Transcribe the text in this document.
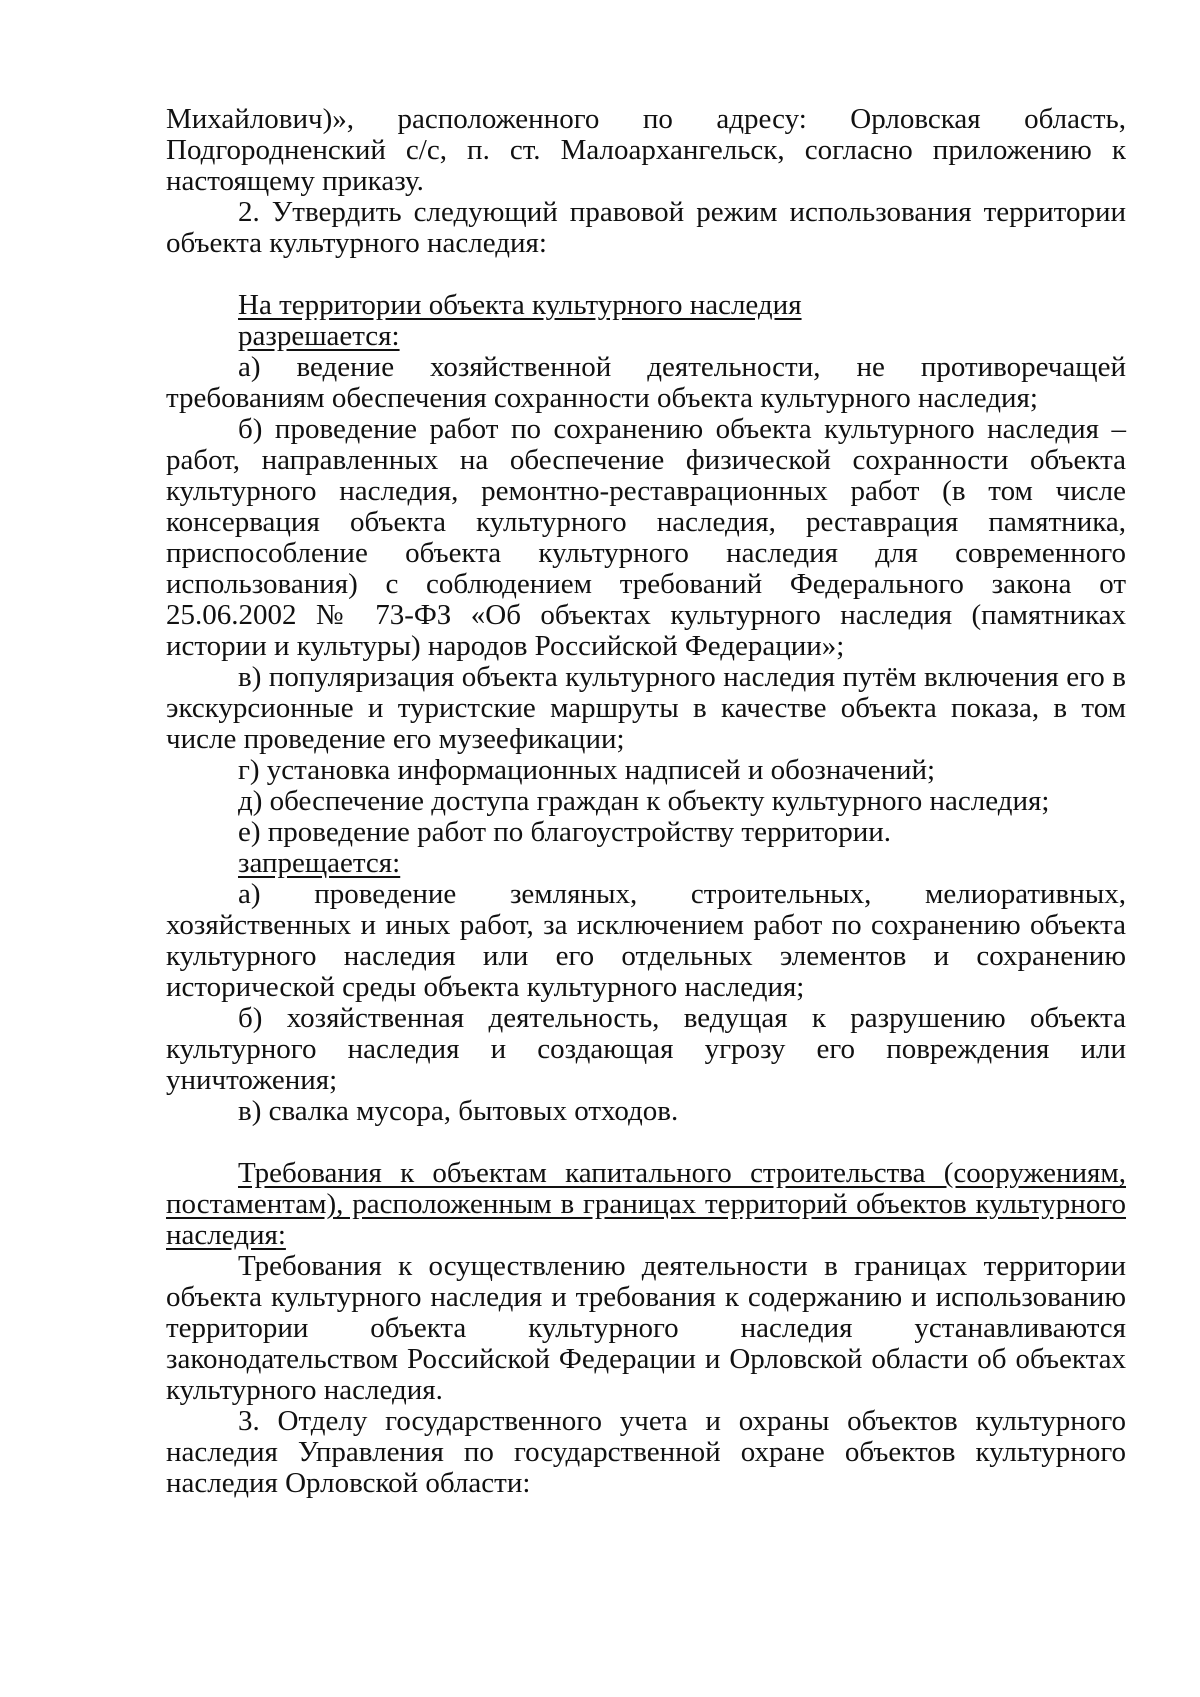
Михайлович)», расположенного по адресу: Орловская область, Подгородненский с/с, п. ст. Малоархангельск, согласно приложению к настоящему приказу.

2. Утвердить следующий правовой режим использования территории объекта культурного наследия:

На территории объекта культурного наследия

разрешается:

а) ведение хозяйственной деятельности, не противоречащей требованиям обеспечения сохранности объекта культурного наследия;

б) проведение работ по сохранению объекта культурного наследия – работ, направленных на обеспечение физической сохранности объекта культурного наследия, ремонтно-реставрационных работ (в том числе консервация объекта культурного наследия, реставрация памятника, приспособление объекта культурного наследия для современного использования) с соблюдением требований Федерального закона от 25.06.2002 № 73-ФЗ «Об объектах культурного наследия (памятниках истории и культуры) народов Российской Федерации»;

в) популяризация объекта культурного наследия путём включения его в экскурсионные и туристские маршруты в качестве объекта показа, в том числе проведение его музеефикации;

г) установка информационных надписей и обозначений;

д) обеспечение доступа граждан к объекту культурного наследия;

е) проведение работ по благоустройству территории.

запрещается:

а) проведение земляных, строительных, мелиоративных, хозяйственных и иных работ, за исключением работ по сохранению объекта культурного наследия или его отдельных элементов и сохранению исторической среды объекта культурного наследия;

б) хозяйственная деятельность, ведущая к разрушению объекта культурного наследия и создающая угрозу его повреждения или уничтожения;

в) свалка мусора, бытовых отходов.

Требования к объектам капитального строительства (сооружениям, постаментам), расположенным в границах территорий объектов культурного наследия:

Требования к осуществлению деятельности в границах территории объекта культурного наследия и требования к содержанию и использованию территории объекта культурного наследия устанавливаются законодательством Российской Федерации и Орловской области об объектах культурного наследия.

3. Отделу государственного учета и охраны объектов культурного наследия Управления по государственной охране объектов культурного наследия Орловской области:
